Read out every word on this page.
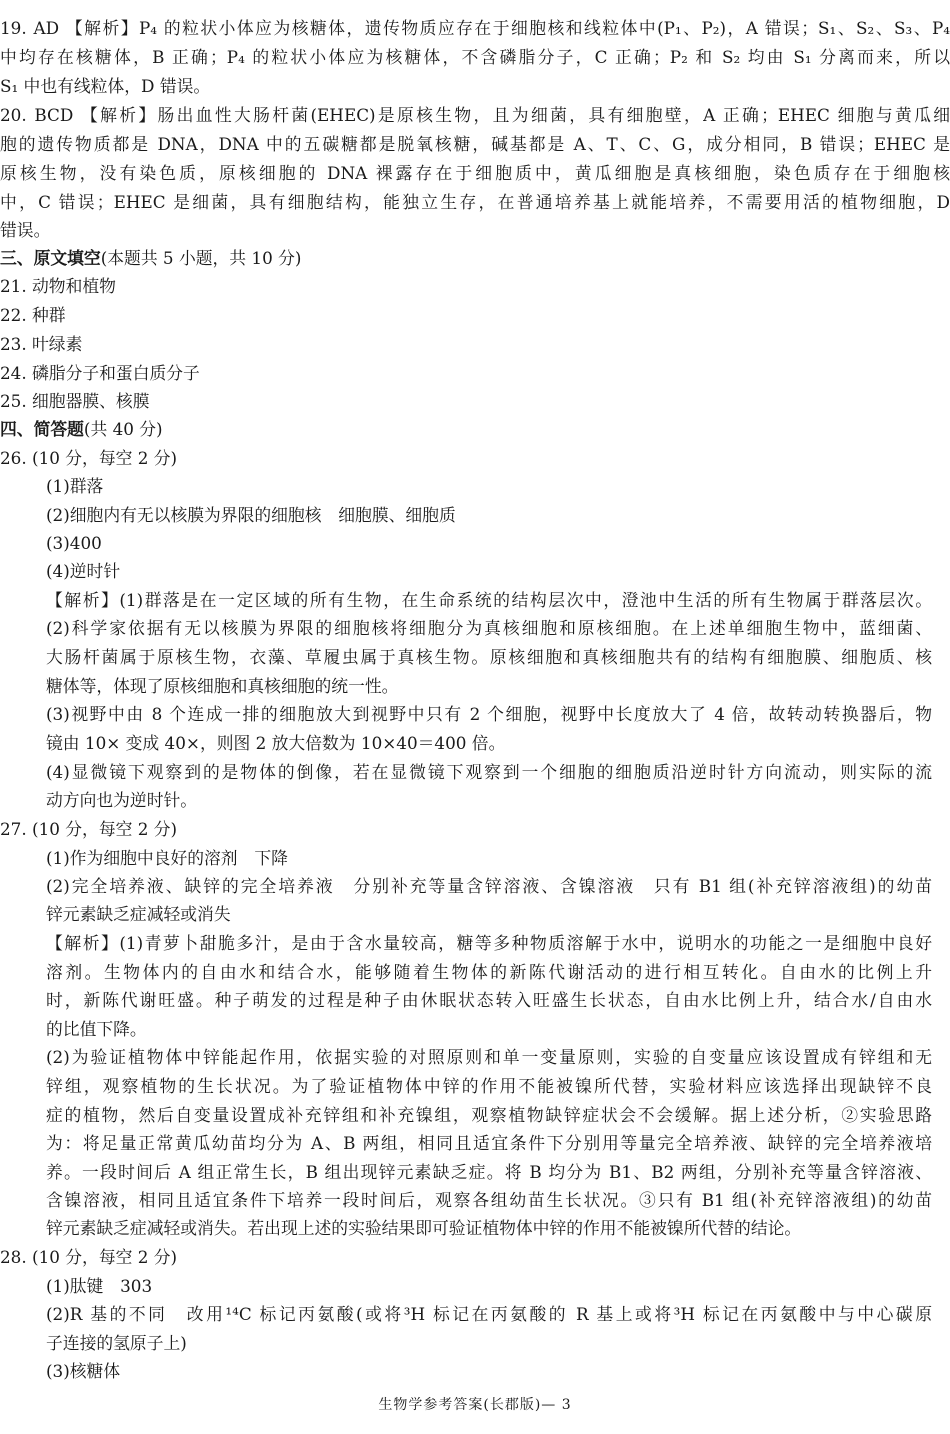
19. AD 【解析】P₄ 的粒状小体应为核糖体，遗传物质应存在于细胞核和线粒体中(P₁、P₂)，A 错误；S₁、S₂、S₃、P₄
中均存在核糖体，B 正确；P₄ 的粒状小体应为核糖体，不含磷脂分子，C 正确；P₂ 和 S₂ 均由 S₁ 分离而来，所以
S₁ 中也有线粒体，D 错误。
20. BCD 【解析】肠出血性大肠杆菌(EHEC)是原核生物，且为细菌，具有细胞壁，A 正确；EHEC 细胞与黄瓜细
胞的遗传物质都是 DNA，DNA 中的五碳糖都是脱氧核糖，碱基都是 A、T、C、G，成分相同，B 错误；EHEC 是
原核生物，没有染色质，原核细胞的 DNA 裸露存在于细胞质中，黄瓜细胞是真核细胞，染色质存在于细胞核
中，C 错误；EHEC 是细菌，具有细胞结构，能独立生存，在普通培养基上就能培养，不需要用活的植物细胞，D
错误。
三、原文填空(本题共 5 小题，共 10 分)
21. 动物和植物
22. 种群
23. 叶绿素
24. 磷脂分子和蛋白质分子
25. 细胞器膜、核膜
四、简答题(共 40 分)
26. (10 分，每空 2 分)
(1)群落
(2)细胞内有无以核膜为界限的细胞核　细胞膜、细胞质
(3)400
(4)逆时针
【解析】(1)群落是在一定区域的所有生物，在生命系统的结构层次中，澄池中生活的所有生物属于群落层次。
(2)科学家依据有无以核膜为界限的细胞核将细胞分为真核细胞和原核细胞。在上述单细胞生物中，蓝细菌、
大肠杆菌属于原核生物，衣藻、草履虫属于真核生物。原核细胞和真核细胞共有的结构有细胞膜、细胞质、核
糖体等，体现了原核细胞和真核细胞的统一性。
(3)视野中由 8 个连成一排的细胞放大到视野中只有 2 个细胞，视野中长度放大了 4 倍，故转动转换器后，物
镜由 10× 变成 40×，则图 2 放大倍数为 10×40＝400 倍。
(4)显微镜下观察到的是物体的倒像，若在显微镜下观察到一个细胞的细胞质沿逆时针方向流动，则实际的流
动方向也为逆时针。
27. (10 分，每空 2 分)
(1)作为细胞中良好的溶剂　下降
(2)完全培养液、缺锌的完全培养液　分别补充等量含锌溶液、含镍溶液　只有 B1 组(补充锌溶液组)的幼苗
锌元素缺乏症减轻或消失
【解析】(1)青萝卜甜脆多汁，是由于含水量较高，糖等多种物质溶解于水中，说明水的功能之一是细胞中良好
溶剂。生物体内的自由水和结合水，能够随着生物体的新陈代谢活动的进行相互转化。自由水的比例上升
时，新陈代谢旺盛。种子萌发的过程是种子由休眠状态转入旺盛生长状态，自由水比例上升，结合水/自由水
的比值下降。
(2)为验证植物体中锌能起作用，依据实验的对照原则和单一变量原则，实验的自变量应该设置成有锌组和无
锌组，观察植物的生长状况。为了验证植物体中锌的作用不能被镍所代替，实验材料应该选择出现缺锌不良
症的植物，然后自变量设置成补充锌组和补充镍组，观察植物缺锌症状会不会缓解。据上述分析，②实验思路
为：将足量正常黄瓜幼苗均分为 A、B 两组，相同且适宜条件下分别用等量完全培养液、缺锌的完全培养液培
养。一段时间后 A 组正常生长，B 组出现锌元素缺乏症。将 B 均分为 B1、B2 两组，分别补充等量含锌溶液、
含镍溶液，相同且适宜条件下培养一段时间后，观察各组幼苗生长状况。③只有 B1 组(补充锌溶液组)的幼苗
锌元素缺乏症减轻或消失。若出现上述的实验结果即可验证植物体中锌的作用不能被镍所代替的结论。
28. (10 分，每空 2 分)
(1)肽键　303
(2)R 基的不同　改用¹⁴C 标记丙氨酸(或将³H 标记在丙氨酸的 R 基上或将³H 标记在丙氨酸中与中心碳原
子连接的氢原子上)
(3)核糖体
生物学参考答案(长郡版)— 3
